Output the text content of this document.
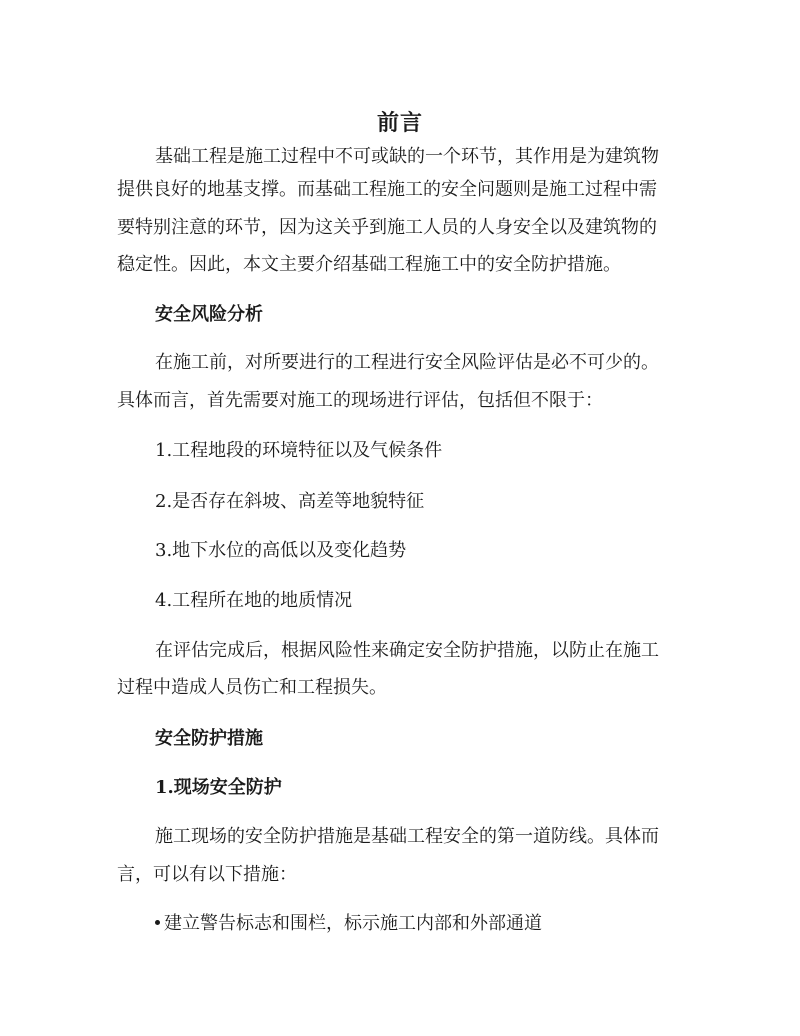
前言
基础工程是施工过程中不可或缺的一个环节，其作用是为建筑物
提供良好的地基支撑。而基础工程施工的安全问题则是施工过程中需
要特别注意的环节，因为这关乎到施工人员的人身安全以及建筑物的
稳定性。因此，本文主要介绍基础工程施工中的安全防护措施。
安全风险分析
在施工前，对所要进行的工程进行安全风险评估是必不可少的。
具体而言，首先需要对施工的现场进行评估，包括但不限于：
1.工程地段的环境特征以及气候条件
2.是否存在斜坡、高差等地貌特征
3.地下水位的高低以及变化趋势
4.工程所在地的地质情况
在评估完成后，根据风险性来确定安全防护措施，以防止在施工
过程中造成人员伤亡和工程损失。
安全防护措施
1.现场安全防护
施工现场的安全防护措施是基础工程安全的第一道防线。具体而
言，可以有以下措施：
建立警告标志和围栏，标示施工内部和外部通道
